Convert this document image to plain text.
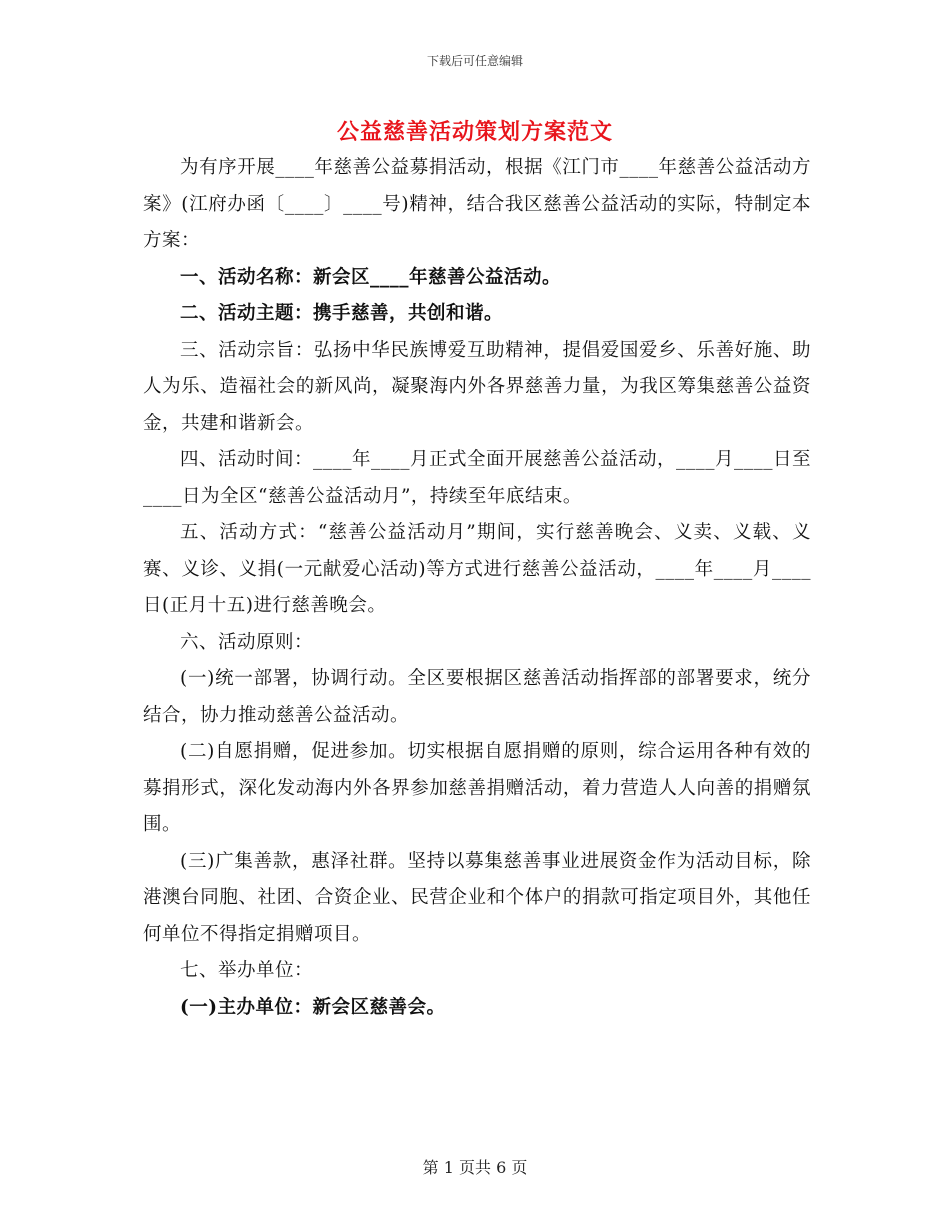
下载后可任意编辑
公益慈善活动策划方案范文

为有序开展____年慈善公益募捐活动，根据《江门市____年慈善公益活动方案》(江府办函〔____〕____号)精神，结合我区慈善公益活动的实际，特制定本方案：

一、活动名称：新会区____年慈善公益活动。

二、活动主题：携手慈善，共创和谐。

三、活动宗旨：弘扬中华民族博爱互助精神，提倡爱国爱乡、乐善好施、助人为乐、造福社会的新风尚，凝聚海内外各界慈善力量，为我区筹集慈善公益资金，共建和谐新会。

四、活动时间：____年____月正式全面开展慈善公益活动，____月____日至____日为全区“慈善公益活动月”，持续至年底结束。

五、活动方式：“慈善公益活动月”期间，实行慈善晚会、义卖、义载、义赛、义诊、义捐(一元献爱心活动)等方式进行慈善公益活动，____年____月____日(正月十五)进行慈善晚会。

六、活动原则：

(一)统一部署，协调行动。全区要根据区慈善活动指挥部的部署要求，统分结合，协力推动慈善公益活动。

(二)自愿捐赠，促进参加。切实根据自愿捐赠的原则，综合运用各种有效的募捐形式，深化发动海内外各界参加慈善捐赠活动，着力营造人人向善的捐赠氛围。

(三)广集善款，惠泽社群。坚持以募集慈善事业进展资金作为活动目标，除港澳台同胞、社团、合资企业、民营企业和个体户的捐款可指定项目外，其他任何单位不得指定捐赠项目。

七、举办单位：

(一)主办单位：新会区慈善会。

第 1 页共 6 页
